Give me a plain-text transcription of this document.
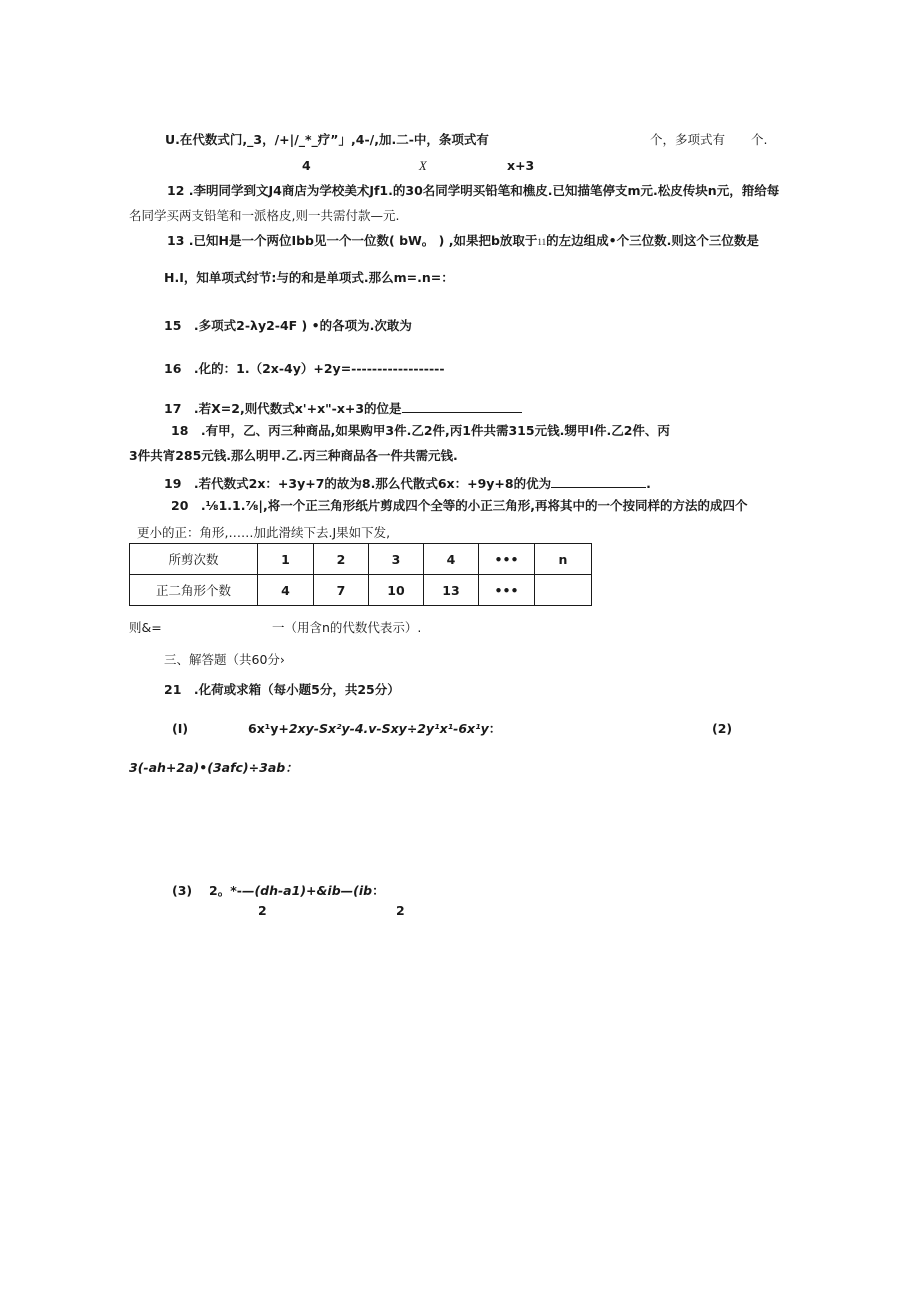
U.在代数式门,_3，/+|/_*_疗”」,4-/,加.二-中，条项式有	个，多项式有 个.
4	X	x+3
12 .李明同学到文J4商店为学校美术Jf1.的30名同学明买铅笔和樵皮.已知描笔停支m元.松皮传块n元，箝给每
名同学买两支铅笔和一派格皮,则一共需付款—元.
13 .已知H是一个两位Ibb见一个一位数( bW。 ) ,如果把b放取于11的左边组成•个三位数.则这个三位数是
H.I，知单项式纣节:与的和是单项式.那么m=.n=：
15　.多项式2-λy2-4F ) •的各项为.次敢为
16　.化的：1.（2x-4y）+2y=------------------
17　.若X=2,则代数式x'+x"-x+3的位是
18　.有甲，乙、丙三种商品,如果购甲3件.乙2件,丙1件共需315元钱.甥甲I件.乙2件、丙
3件共宵285元钱.那么明甲.乙.丙三种商品各一件共需元钱.
19　.若代数式2x：+3y+7的故为8.那么代散式6x：+9y+8的优为	.
20　.⅛1.1.⅞|,将一个正三角形纸片剪成四个全等的小正三角形,再将其中的一个按同样的方法的成四个
更小的正：角形,……加此滑续下去.J果如下发,
所剪次数	1	2	3	4	•••	n
正二角形个数	4	7	10	13	•••	
则&=	一（用含n的代数代表示）.
三、解答题（共60分›
21　.化荷或求箱（每小题5分，共25分）
(I)	6x¹y+2xy-Sx²y-4.v-Sxy÷2y¹x¹-6x¹y：	(2)
3(-ah+2a)•(3afc)÷3ab：
(3) 2。*-—(dh-a1)+&ib—(ib：
2	2
